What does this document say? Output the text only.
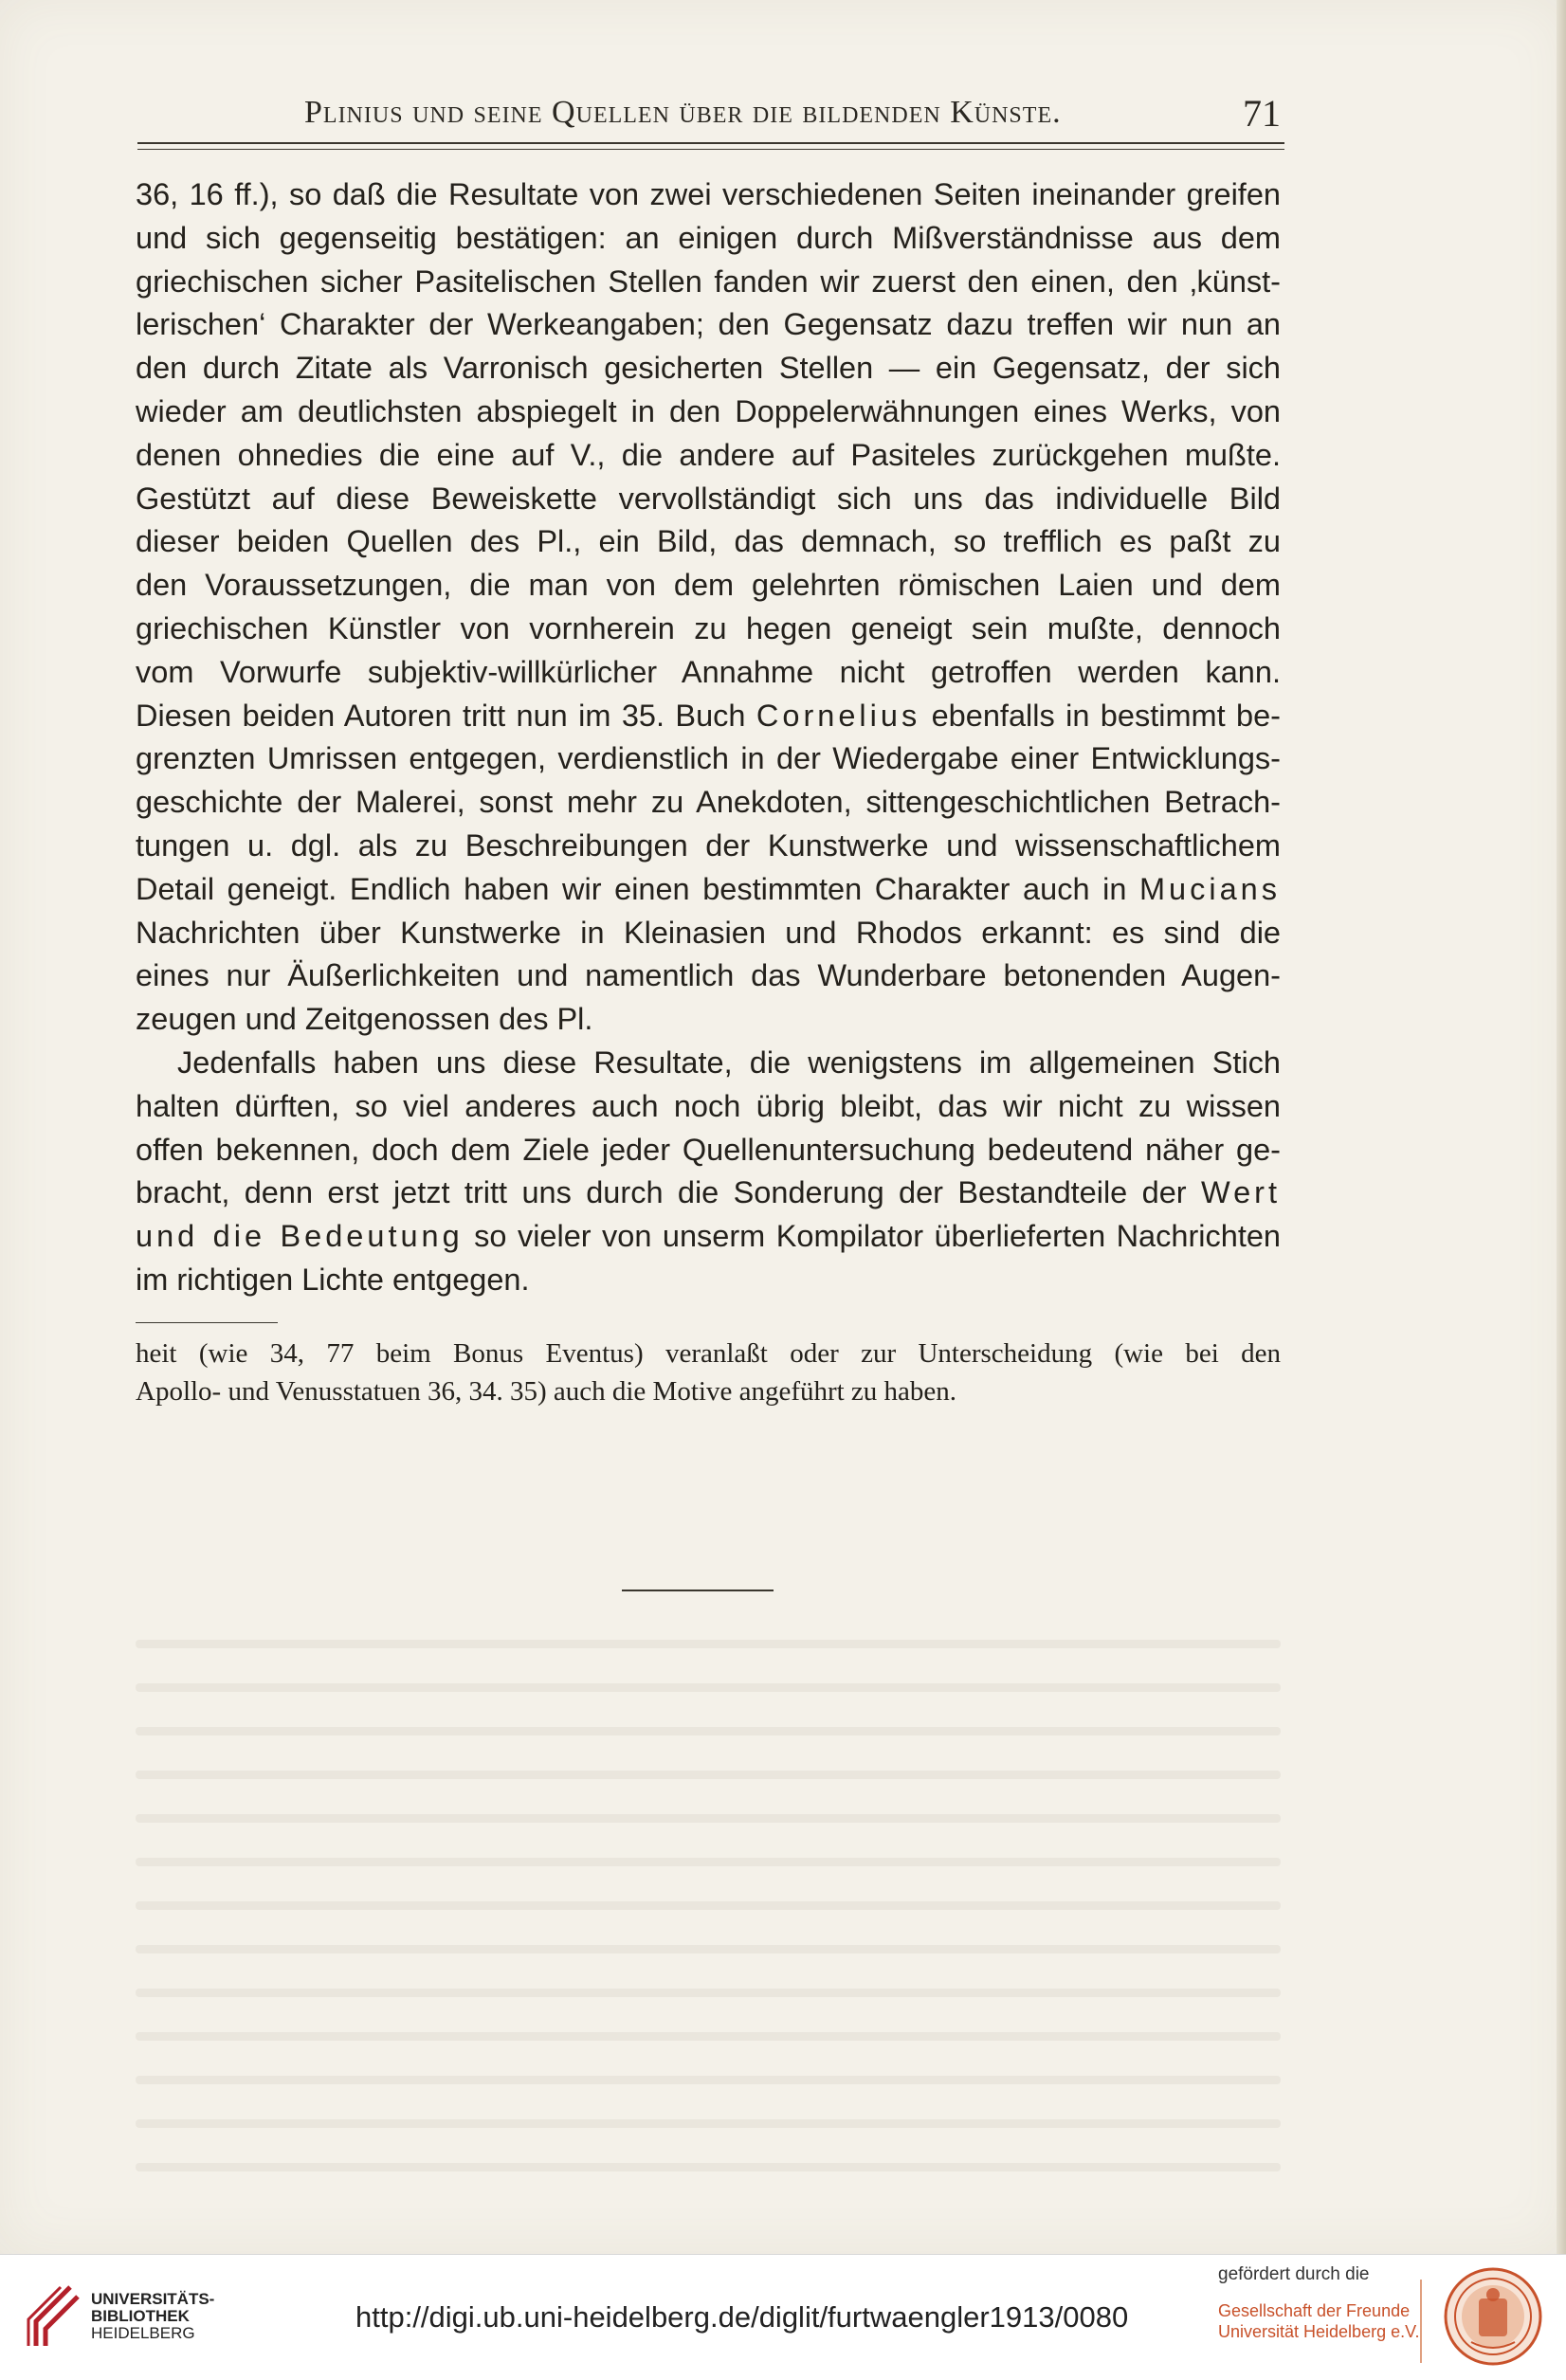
Plinius und seine Quellen über die bildenden Künste.	71
36, 16 ff.), so daß die Resultate von zwei verschiedenen Seiten ineinander greifen
und sich gegenseitig bestätigen: an einigen durch Mißverständnisse aus dem
griechischen sicher Pasitelischen Stellen fanden wir zuerst den einen, den ‚künst-
lerischen‘ Charakter der Werkeangaben; den Gegensatz dazu treffen wir nun an
den durch Zitate als Varronisch gesicherten Stellen — ein Gegensatz, der sich
wieder am deutlichsten abspiegelt in den Doppelerwähnungen eines Werks, von
denen ohnedies die eine auf V., die andere auf Pasiteles zurückgehen mußte.
Gestützt auf diese Beweiskette vervollständigt sich uns das individuelle Bild
dieser beiden Quellen des Pl., ein Bild, das demnach, so trefflich es paßt zu
den Voraussetzungen, die man von dem gelehrten römischen Laien und dem
griechischen Künstler von vornherein zu hegen geneigt sein mußte, dennoch
vom Vorwurfe subjektiv-willkürlicher Annahme nicht getroffen werden kann.
Diesen beiden Autoren tritt nun im 35. Buch Cornelius ebenfalls in bestimmt be-
grenzten Umrissen entgegen, verdienstlich in der Wiedergabe einer Entwicklungs-
geschichte der Malerei, sonst mehr zu Anekdoten, sittengeschichtlichen Betrach-
tungen u. dgl. als zu Beschreibungen der Kunstwerke und wissenschaftlichem
Detail geneigt. Endlich haben wir einen bestimmten Charakter auch in Mucians
Nachrichten über Kunstwerke in Kleinasien und Rhodos erkannt: es sind die
eines nur Äußerlichkeiten und namentlich das Wunderbare betonenden Augen-
zeugen und Zeitgenossen des Pl.
Jedenfalls haben uns diese Resultate, die wenigstens im allgemeinen Stich
halten dürften, so viel anderes auch noch übrig bleibt, das wir nicht zu wissen
offen bekennen, doch dem Ziele jeder Quellenuntersuchung bedeutend näher ge-
bracht, denn erst jetzt tritt uns durch die Sonderung der Bestandteile der Wert
und die Bedeutung so vieler von unserm Kompilator überlieferten Nachrichten
im richtigen Lichte entgegen.
heit (wie 34, 77 beim Bonus Eventus) veranlaßt oder zur Unterscheidung (wie bei den
Apollo- und Venusstatuen 36, 34. 35) auch die Motive angeführt zu haben.
UNIVERSITÄTS-
BIBLIOTHEK
HEIDELBERG	http://digi.ub.uni-heidelberg.de/diglit/furtwaengler1913/0080
gefördert durch die
Gesellschaft der Freunde
Universität Heidelberg e.V.
